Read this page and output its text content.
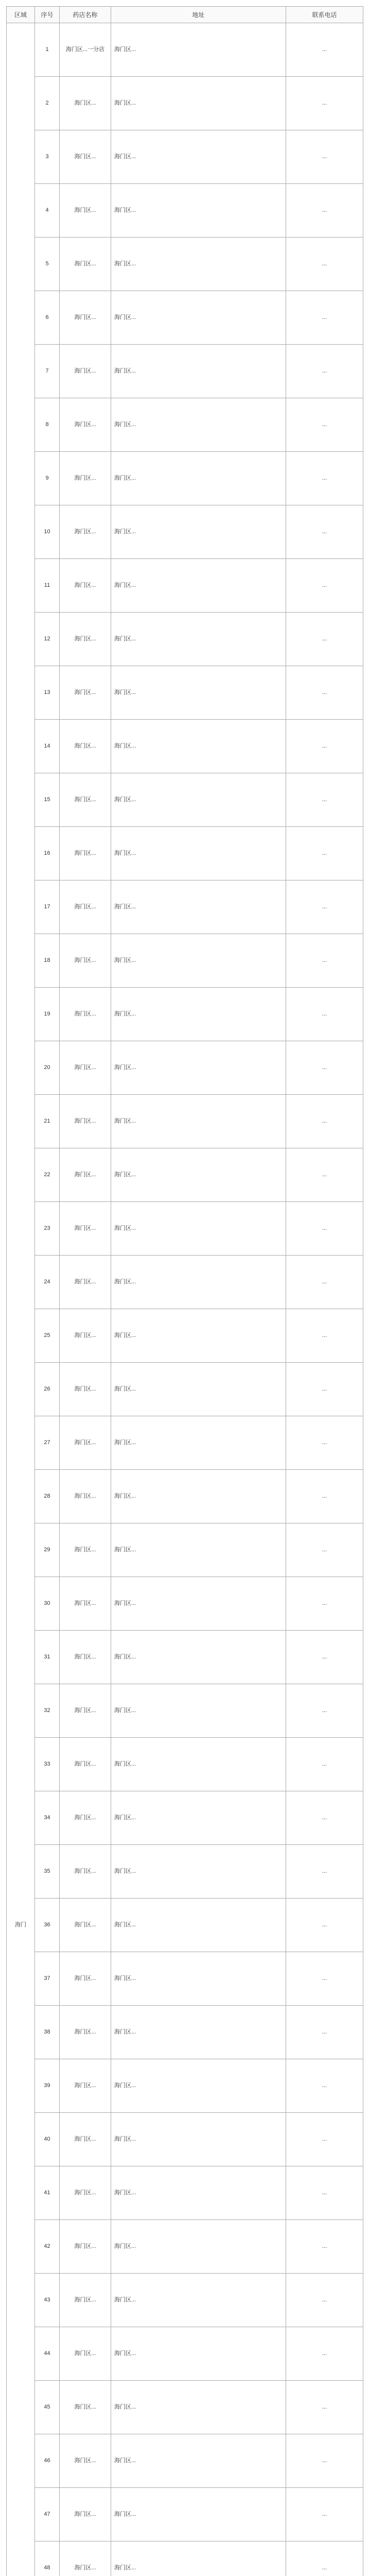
区域	序号	药店名称	地址	联系电话
海门	1	海门区...一分店	海门区...	...
	2	海门区...	海门区...	...
	3	海门区...	海门区...	...
	4	海门区...	海门区...	...
	5	海门区...	海门区...	...
	6	海门区...	海门区...	...
	7	海门区...	海门区...	...
	8	海门区...	海门区...	...
	9	海门区...	海门区...	...
	10	海门区...	海门区...	...
	11	海门区...	海门区...	...
	12	海门区...	海门区...	...
	13	海门区...	海门区...	...
	14	海门区...	海门区...	...
	15	海门区...	海门区...	...
	16	海门区...	海门区...	...
	17	海门区...	海门区...	...
	18	海门区...	海门区...	...
	19	海门区...	海门区...	...
	20	海门区...	海门区...	...
	21	海门区...	海门区...	...
	22	海门区...	海门区...	...
	23	海门区...	海门区...	...
	24	海门区...	海门区...	...
	25	海门区...	海门区...	...
	26	海门区...	海门区...	...
	27	海门区...	海门区...	...
	28	海门区...	海门区...	...
	29	海门区...	海门区...	...
	30	海门区...	海门区...	...
	31	海门区...	海门区...	...
	32	海门区...	海门区...	...
	33	海门区...	海门区...	...
	34	海门区...	海门区...	...
	35	海门区...	海门区...	...
	36	海门区...	海门区...	...
	37	海门区...	海门区...	...
	38	海门区...	海门区...	...
	39	海门区...	海门区...	...
	40	海门区...	海门区...	...
	41	海门区...	海门区...	...
	42	海门区...	海门区...	...
	43	海门区...	海门区...	...
	44	海门区...	海门区...	...
	45	海门区...	海门区...	...
	46	海门区...	海门区...	...
	47	海门区...	海门区...	...
	48	海门区...	海门区...	...
